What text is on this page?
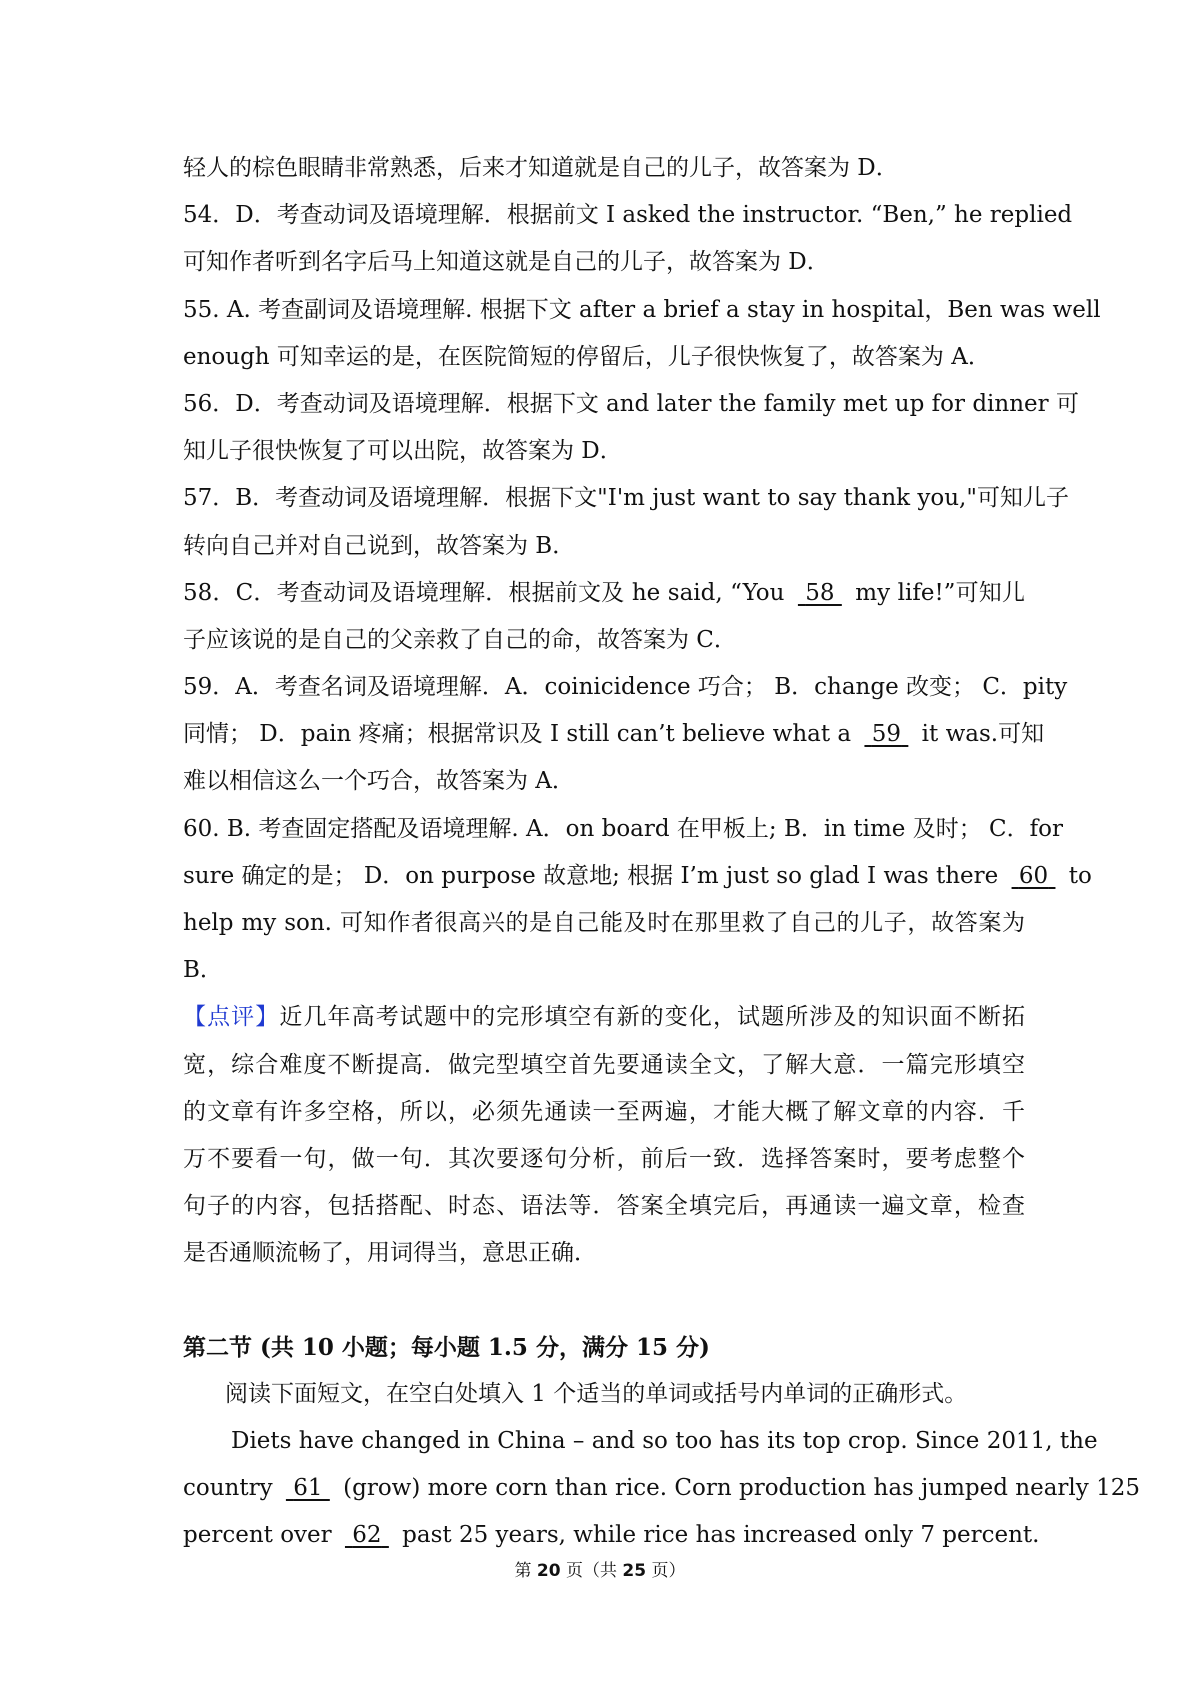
轻人的棕色眼睛非常熟悉，后来才知道就是自己的儿子，故答案为 D．
54．D．考查动词及语境理解．根据前文 I asked the instructor. “Ben,” he replied
可知作者听到名字后马上知道这就是自己的儿子，故答案为 D．
55. A. 考查副词及语境理解. 根据下文 after a brief a stay in hospital，Ben was well
enough 可知幸运的是，在医院简短的停留后，儿子很快恢复了，故答案为 A．
56．D．考查动词及语境理解．根据下文 and later the family met up for dinner 可
知儿子很快恢复了可以出院，故答案为 D．
57．B．考查动词及语境理解．根据下文"I'm just want to say thank you,"可知儿子
转向自己并对自己说到，故答案为 B．
58．C．考查动词及语境理解．根据前文及 he said, “You  58  my life!”可知儿
子应该说的是自己的父亲救了自己的命，故答案为 C．
59．A．考查名词及语境理解．A．coinicidence 巧合； B．change 改变； C．pity
同情； D．pain 疼痛；根据常识及 I still can’t believe what a  59  it was.可知
难以相信这么一个巧合，故答案为 A．
60. B. 考查固定搭配及语境理解. A．on board 在甲板上; B．in time 及时； C．for
sure 确定的是； D．on purpose 故意地; 根据 I’m just so glad I was there  60  to
help my son. 可知作者很高兴的是自己能及时在那里救了自己的儿子，故答案为
B．
【点评】近几年高考试题中的完形填空有新的变化，试题所涉及的知识面不断拓
宽，综合难度不断提高．做完型填空首先要通读全文，了解大意．一篇完形填空
的文章有许多空格，所以，必须先通读一至两遍，才能大概了解文章的内容．千
万不要看一句，做一句．其次要逐句分析，前后一致．选择答案时，要考虑整个
句子的内容，包括搭配、时态、语法等．答案全填完后，再通读一遍文章，检查
是否通顺流畅了，用词得当，意思正确．
第二节 (共 10 小题；每小题 1.5 分，满分 15 分)
阅读下面短文，在空白处填入 1 个适当的单词或括号内单词的正确形式。
Diets have changed in China – and so too has its top crop. Since 2011, the
country  61  (grow) more corn than rice. Corn production has jumped nearly 125
percent over  62  past 25 years, while rice has increased only 7 percent.
第 20 页（共 25 页）
